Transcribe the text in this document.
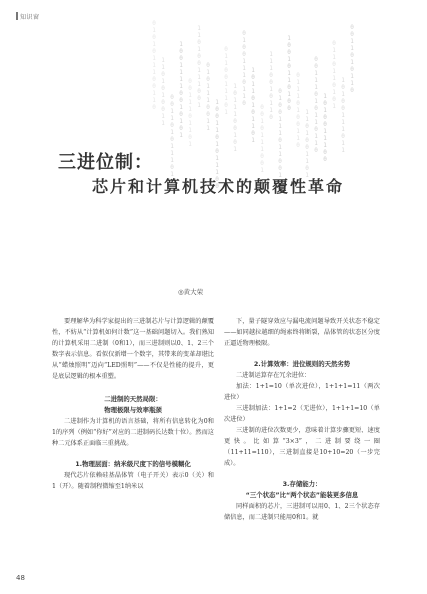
知识窗
0101011100110 1101010011
001101011101 10011110010101 0011101101
110100111001 0101110011
1001101011100
0110011101
1011100101
01001110110 10110101101 0010111001
1110010110
0100111011001
10010110100 01110100110 1101001101 00111010110110 1010011100
0110110101
10100111011
0011010110
三进位制：
芯片和计算机技术的颠覆性革命
◎黄大荣

要理解华为科学家提出的三进制芯片与计算逻辑的颠覆性，不妨从“计算机如何计数”这一基础问题切入。我们熟知的计算机采用二进制（0和1），而三进制则以0、1、2三个数字表示信息。看似仅新增一个数字，其带来的变革却堪比从“蜡烛照明”迈向“LED照明”——不仅是性能的提升，更是底层逻辑的根本重塑。

二进制的天然局限：
物理极限与效率瓶颈

二进制作为计算机的语言基础，将所有信息转化为0和1的序列（例如“你好”对应的二进制码长达数十位）。然而这种二元体系正面临三重挑战。

1.物理层面：纳米级尺度下的信号模糊化

现代芯片依赖硅基晶体管（电子开关）表示0（关）和1（开）。随着制程微缩至1纳米以

下，量子隧穿效应与漏电流问题导致开关状态不稳定——如同越拉越细的绳索终将断裂，晶体管的状态区分度正逼近物理极限。

2.计算效率：进位规则的天然劣势

二进制运算存在冗余进位：

加法：1+1=10（单次进位），1+1+1=11（两次进位）

三进制加法：1+1=2（无进位），1+1+1=10（单次进位）

三进制的进位次数更少，意味着计算步骤更短、速度更快。比如算“3×3”，二进制要绕一圈（11+11=110），三进制直接是10+10=20（一步完成）。

3.存储能力：
“三个状态”比“两个状态”能装更多信息

同样面积的芯片，三进制可以用0、1、2三个状态存储信息，而二进制只能用0和1。就

48
